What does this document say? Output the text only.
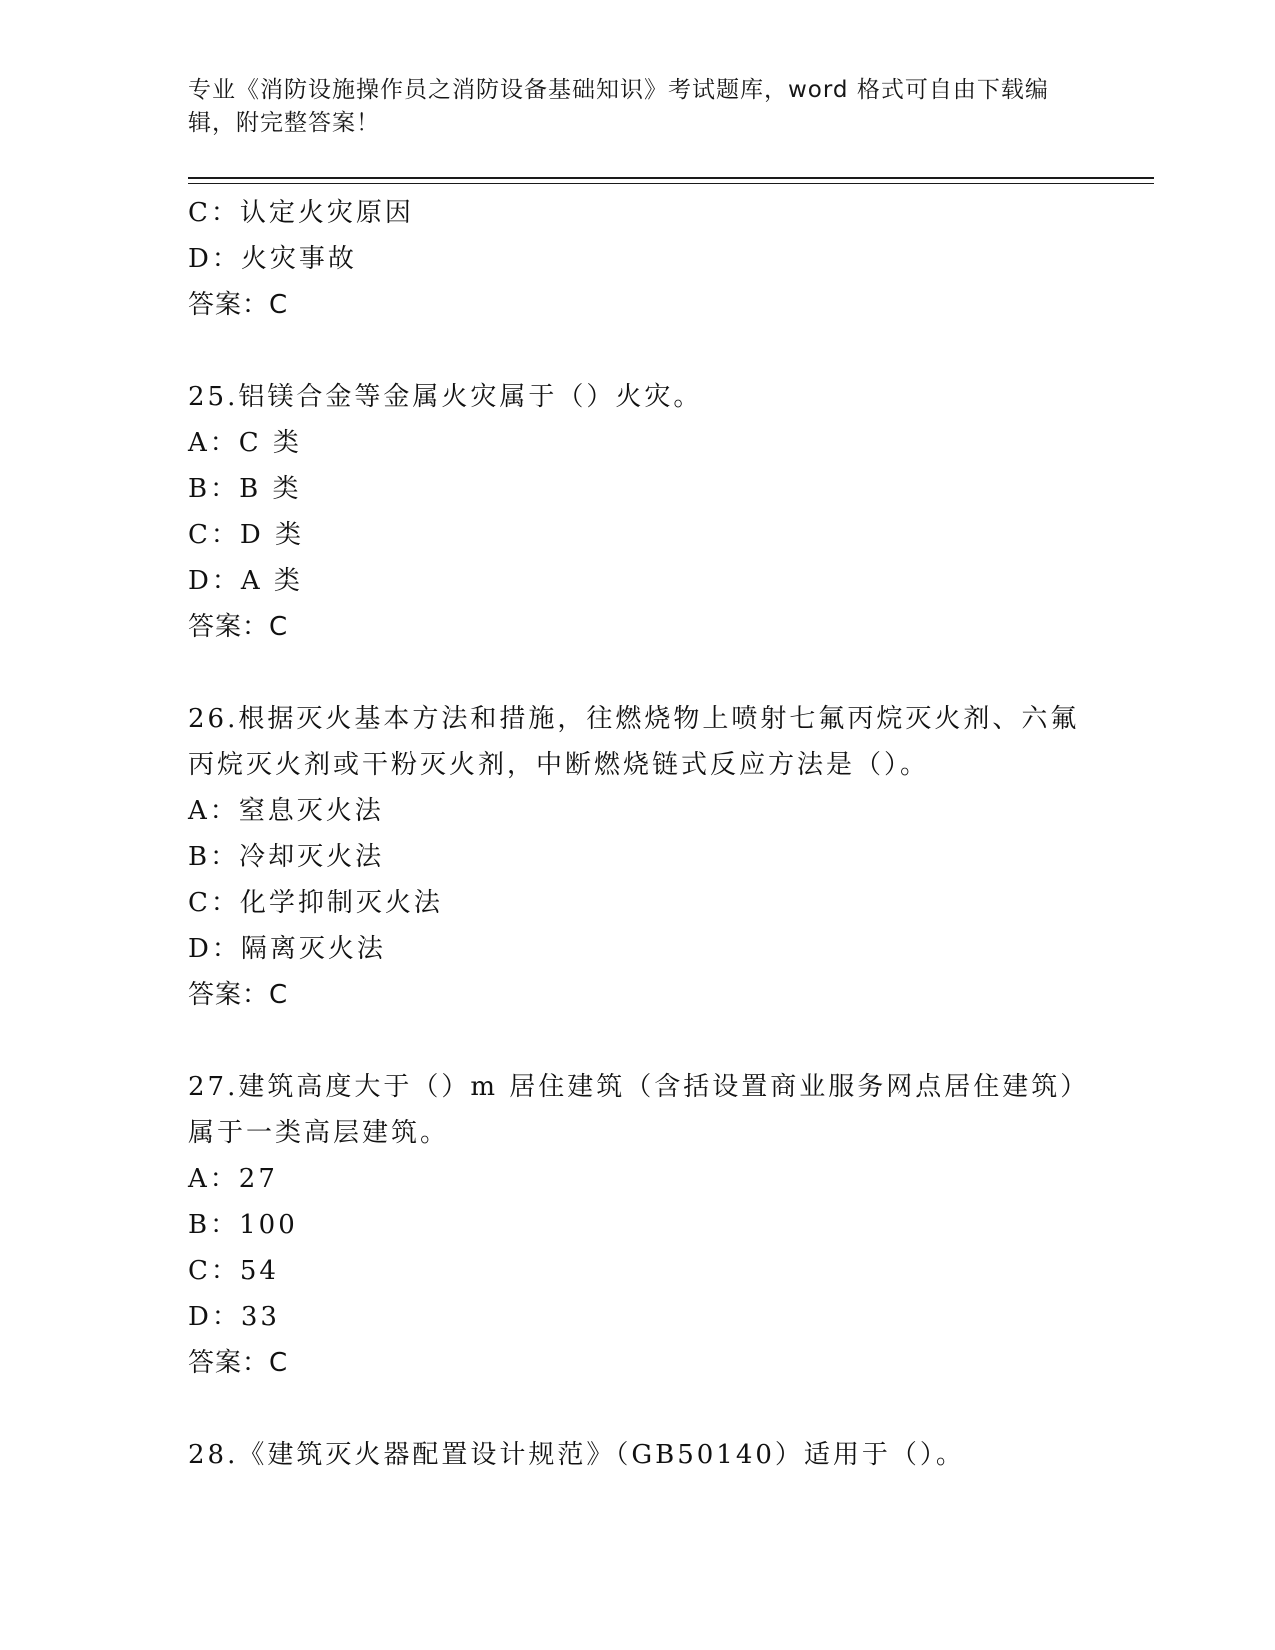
专业《消防设施操作员之消防设备基础知识》考试题库，word 格式可自由下载编
辑，附完整答案！
C：认定火灾原因
D：火灾事故
答案：C
25.铝镁合金等金属火灾属于（）火灾。
A：C 类
B：B 类
C：D 类
D：A 类
答案：C
26.根据灭火基本方法和措施，往燃烧物上喷射七氟丙烷灭火剂、六氟
丙烷灭火剂或干粉灭火剂，中断燃烧链式反应方法是（）。
A：窒息灭火法
B：冷却灭火法
C：化学抑制灭火法
D：隔离灭火法
答案：C
27.建筑高度大于（）m 居住建筑（含括设置商业服务网点居住建筑）
属于一类高层建筑。
A：27
B：100
C：54
D：33
答案：C
28.《建筑灭火器配置设计规范》（GB50140）适用于（）。
